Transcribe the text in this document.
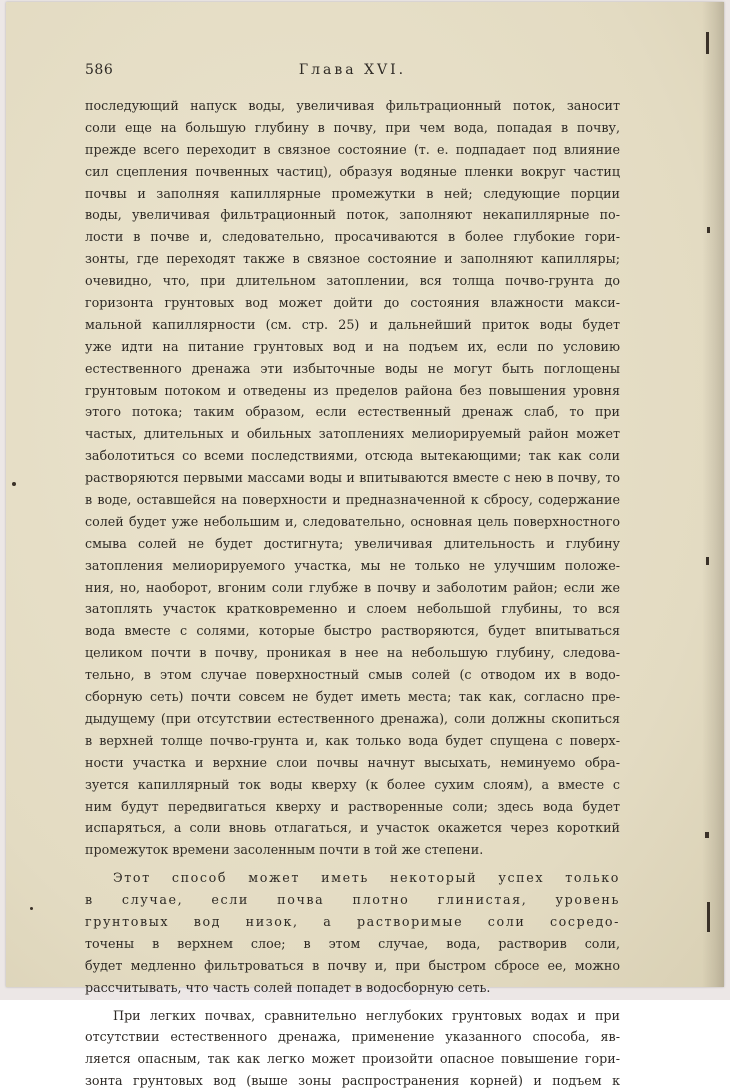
586	Глава XVI.
последующий напуск воды, увеличивая фильтрационный поток, заносит
соли еще на большую глубину в почву, при чем вода, попадая в почву,
прежде всего переходит в связное состояние (т. е. подпадает под влияние
сил сцепления почвенных частиц), образуя водяные пленки вокруг частиц
почвы и заполняя капиллярные промежутки в ней; следующие порции
воды, увеличивая фильтрационный поток, заполняют некапиллярные по-
лости в почве и, следовательно, просачиваются в более глубокие гори-
зонты, где переходят также в связное состояние и заполняют капилляры;
очевидно, что, при длительном затоплении, вся толща почво-грунта до
горизонта грунтовых вод может дойти до состояния влажности макси-
мальной капиллярности (см. стр. 25) и дальнейший приток воды будет
уже идти на питание грунтовых вод и на подъем их, если по условию
естественного дренажа эти избыточные воды не могут быть поглощены
грунтовым потоком и отведены из пределов района без повышения уровня
этого потока; таким образом, если естественный дренаж слаб, то при
частых, длительных и обильных затоплениях мелиорируемый район может
заболотиться со всеми последствиями, отсюда вытекающими; так как соли
растворяются первыми массами воды и впитываются вместе с нею в почву, то
в воде, оставшейся на поверхности и предназначенной к сбросу, содержание
солей будет уже небольшим и, следовательно, основная цель поверхностного
смыва солей не будет достигнута; увеличивая длительность и глубину
затопления мелиорируемого участка, мы не только не улучшим положе-
ния, но, наоборот, вгоним соли глубже в почву и заболотим район; если же
затоплять участок кратковременно и слоем небольшой глубины, то вся
вода вместе с солями, которые быстро растворяются, будет впитываться
целиком почти в почву, проникая в нее на небольшую глубину, следова-
тельно, в этом случае поверхностный смыв солей (с отводом их в водо-
сборную сеть) почти совсем не будет иметь места; так как, согласно пре-
дыдущему (при отсутствии естественного дренажа), соли должны скопиться
в верхней толще почво-грунта и, как только вода будет спущена с поверх-
ности участка и верхние слои почвы начнут высыхать, неминуемо обра-
зуется капиллярный ток воды кверху (к более сухим слоям), а вместе с
ним будут передвигаться кверху и растворенные соли; здесь вода будет
испаряться, а соли вновь отлагаться, и участок окажется через короткий
промежуток времени засоленным почти в той же степени.
Этот способ может иметь некоторый успех только
в случае, если почва плотно глинистая, уровень
грунтовых вод низок, а растворимые соли сосредо-
точены в верхнем слое; в этом случае, вода, растворив соли,
будет медленно фильтроваться в почву и, при быстром сбросе ее, можно
рассчитывать, что часть солей попадет в водосборную сеть.
При легких почвах, сравнительно неглубоких грунтовых водах и при
отсутствии естественного дренажа, применение указанного способа, яв-
ляется опасным, так как легко может произойти опасное повышение гори-
зонта грунтовых вод (выше зоны распространения корней) и подъем к
